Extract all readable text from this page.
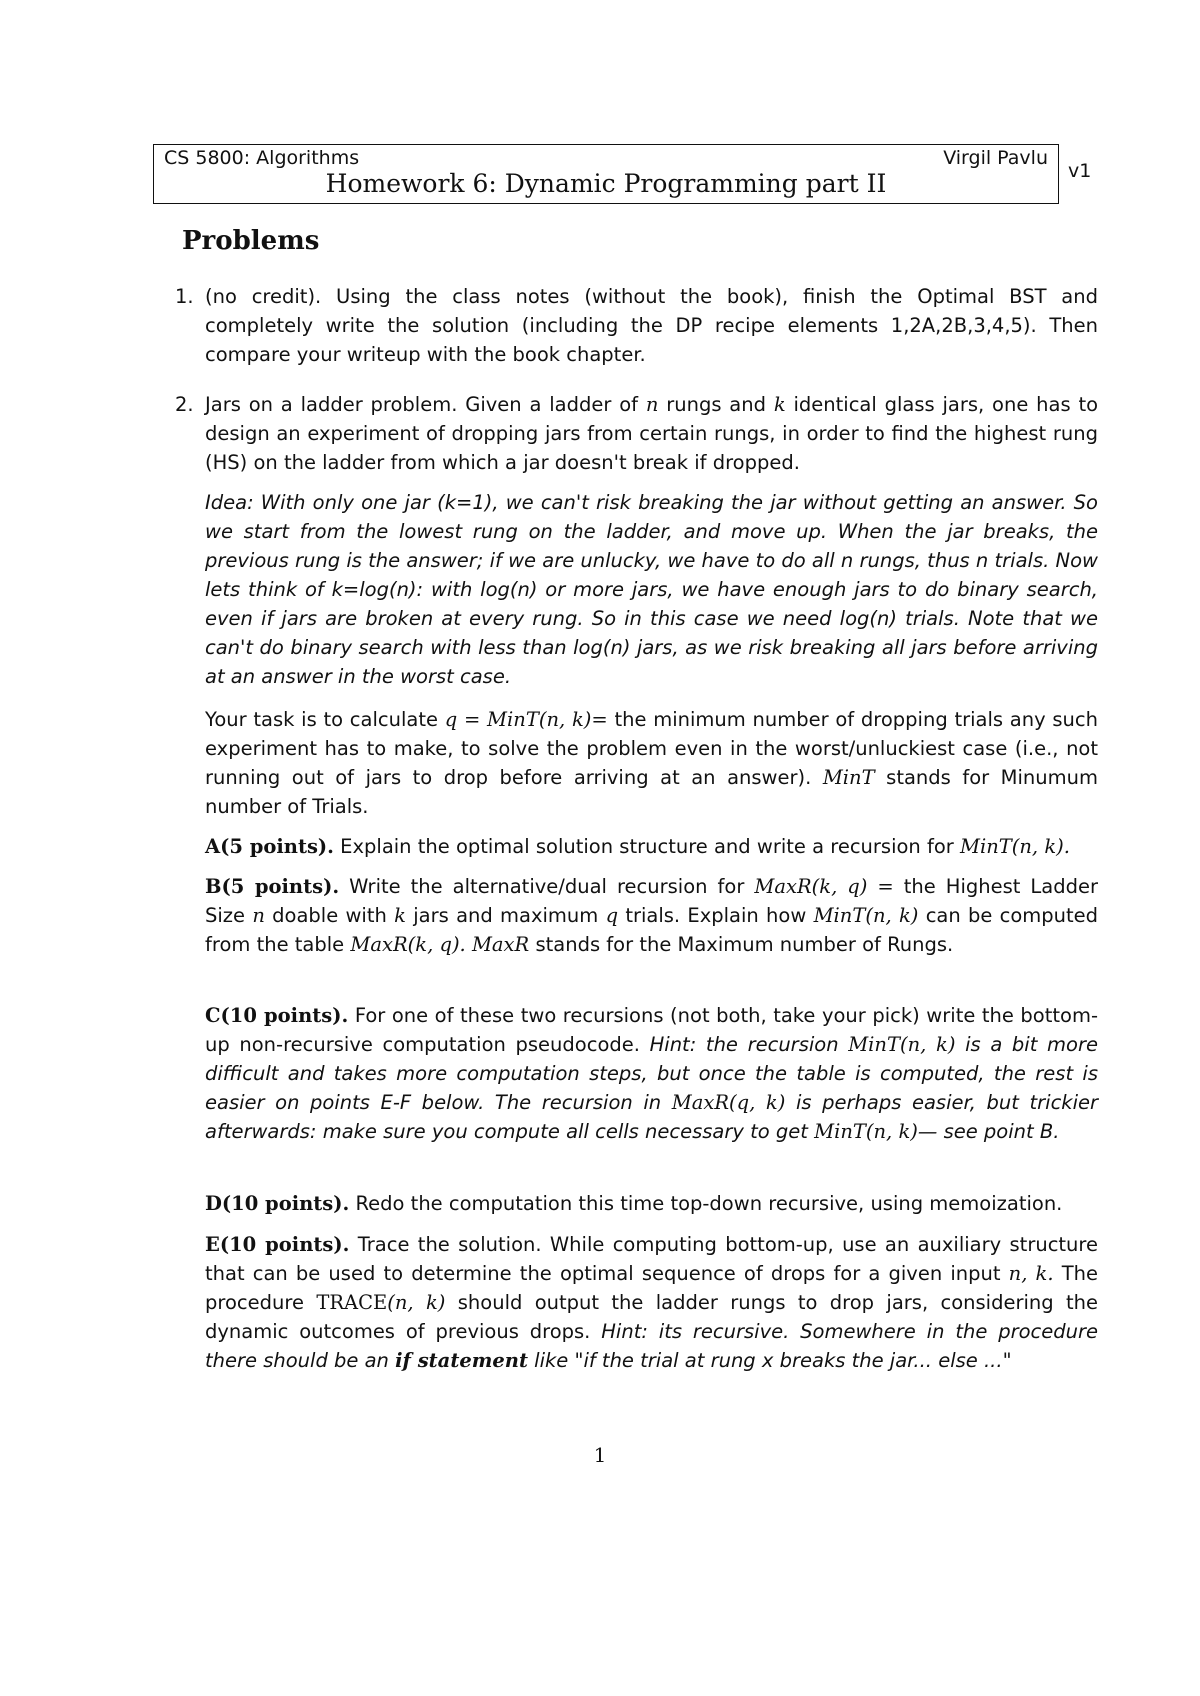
CS 5800: Algorithms	Virgil Pavlu
Homework 6: Dynamic Programming part II	v1
Problems
1. (no credit). Using the class notes (without the book), finish the Optimal BST and completely write the solution (including the DP recipe elements 1,2A,2B,3,4,5). Then compare your writeup with the book chapter.
2. Jars on a ladder problem. Given a ladder of n rungs and k identical glass jars, one has to design an experiment of dropping jars from certain rungs, in order to find the highest rung (HS) on the ladder from which a jar doesn't break if dropped.
Idea: With only one jar (k=1), we can't risk breaking the jar without getting an answer. So we start from the lowest rung on the ladder, and move up. When the jar breaks, the previous rung is the answer; if we are unlucky, we have to do all n rungs, thus n trials. Now lets think of k=log(n): with log(n) or more jars, we have enough jars to do binary search, even if jars are broken at every rung. So in this case we need log(n) trials. Note that we can't do binary search with less than log(n) jars, as we risk breaking all jars before arriving at an answer in the worst case.
Your task is to calculate q = MinT(n, k)= the minimum number of dropping trials any such experiment has to make, to solve the problem even in the worst/unluckiest case (i.e., not running out of jars to drop before arriving at an answer). MinT stands for Minumum number of Trials.
A(5 points). Explain the optimal solution structure and write a recursion for MinT(n, k).
B(5 points). Write the alternative/dual recursion for MaxR(k, q) = the Highest Ladder Size n doable with k jars and maximum q trials. Explain how MinT(n, k) can be computed from the table MaxR(k, q). MaxR stands for the Maximum number of Rungs.
C(10 points). For one of these two recursions (not both, take your pick) write the bottom-up non-recursive computation pseudocode. Hint: the recursion MinT(n, k) is a bit more difficult and takes more computation steps, but once the table is computed, the rest is easier on points E-F below. The recursion in MaxR(q, k) is perhaps easier, but trickier afterwards: make sure you compute all cells necessary to get MinT(n, k)— see point B.
D(10 points). Redo the computation this time top-down recursive, using memoization.
E(10 points). Trace the solution. While computing bottom-up, use an auxiliary structure that can be used to determine the optimal sequence of drops for a given input n, k. The procedure TRACE(n, k) should output the ladder rungs to drop jars, considering the dynamic outcomes of previous drops. Hint: its recursive. Somewhere in the procedure there should be an if statement like "if the trial at rung x breaks the jar... else ..."
1
